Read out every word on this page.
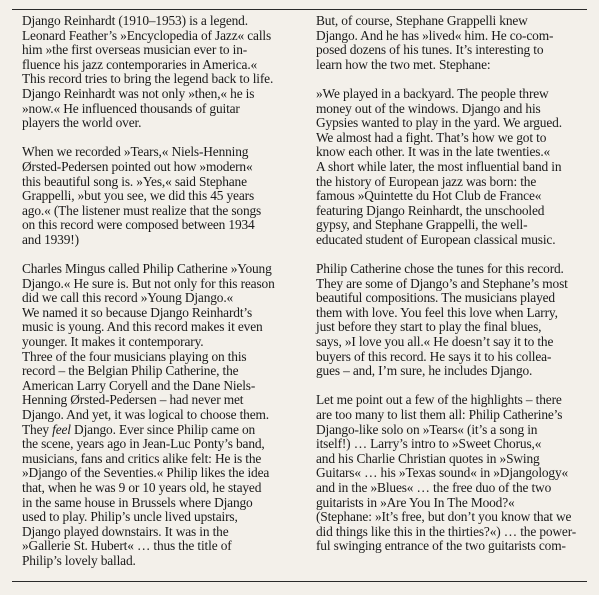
Django Reinhardt (1910–1953) is a legend.
Leonard Feather’s »Encyclopedia of Jazz« calls
him »the first overseas musician ever to in-
fluence his jazz contemporaries in America.«
This record tries to bring the legend back to life.
Django Reinhardt was not only »then,« he is
»now.« He influenced thousands of guitar
players the world over.

When we recorded »Tears,« Niels-Henning
Ørsted-Pedersen pointed out how »modern«
this beautiful song is. »Yes,« said Stephane
Grappelli, »but you see, we did this 45 years
ago.« (The listener must realize that the songs
on this record were composed between 1934
and 1939!)

Charles Mingus called Philip Catherine »Young
Django.« He sure is. But not only for this reason
did we call this record »Young Django.«
We named it so because Django Reinhardt’s
music is young. And this record makes it even
younger. It makes it contemporary.

Three of the four musicians playing on this
record – the Belgian Philip Catherine, the
American Larry Coryell and the Dane Niels-
Henning Ørsted-Pedersen – had never met
Django. And yet, it was logical to choose them.
They feel Django. Ever since Philip came on
the scene, years ago in Jean-Luc Ponty’s band,
musicians, fans and critics alike felt: He is the
»Django of the Seventies.« Philip likes the idea
that, when he was 9 or 10 years old, he stayed
in the same house in Brussels where Django
used to play. Philip’s uncle lived upstairs,
Django played downstairs. It was in the
»Gallerie St. Hubert« … thus the title of
Philip’s lovely ballad.

But, of course, Stephane Grappelli knew
Django. And he has »lived« him. He co-com-
posed dozens of his tunes. It’s interesting to
learn how the two met. Stephane:

»We played in a backyard. The people threw
money out of the windows. Django and his
Gypsies wanted to play in the yard. We argued.
We almost had a fight. That’s how we got to
know each other. It was in the late twenties.«
A short while later, the most influential band in
the history of European jazz was born: the
famous »Quintette du Hot Club de France«
featuring Django Reinhardt, the unschooled
gypsy, and Stephane Grappelli, the well-
educated student of European classical music.

Philip Catherine chose the tunes for this record.
They are some of Django’s and Stephane’s most
beautiful compositions. The musicians played
them with love. You feel this love when Larry,
just before they start to play the final blues,
says, »I love you all.« He doesn’t say it to the
buyers of this record. He says it to his collea-
gues – and, I’m sure, he includes Django.

Let me point out a few of the highlights – there
are too many to list them all: Philip Catherine’s
Django-like solo on »Tears« (it’s a song in
itself!) … Larry’s intro to »Sweet Chorus,«
and his Charlie Christian quotes in »Swing
Guitars« … his »Texas sound« in »Djangology«
and in the »Blues« … the free duo of the two
guitarists in »Are You In The Mood?«
(Stephane: »It’s free, but don’t you know that we
did things like this in the thirties?«) … the power-
ful swinging entrance of the two guitarists com-
